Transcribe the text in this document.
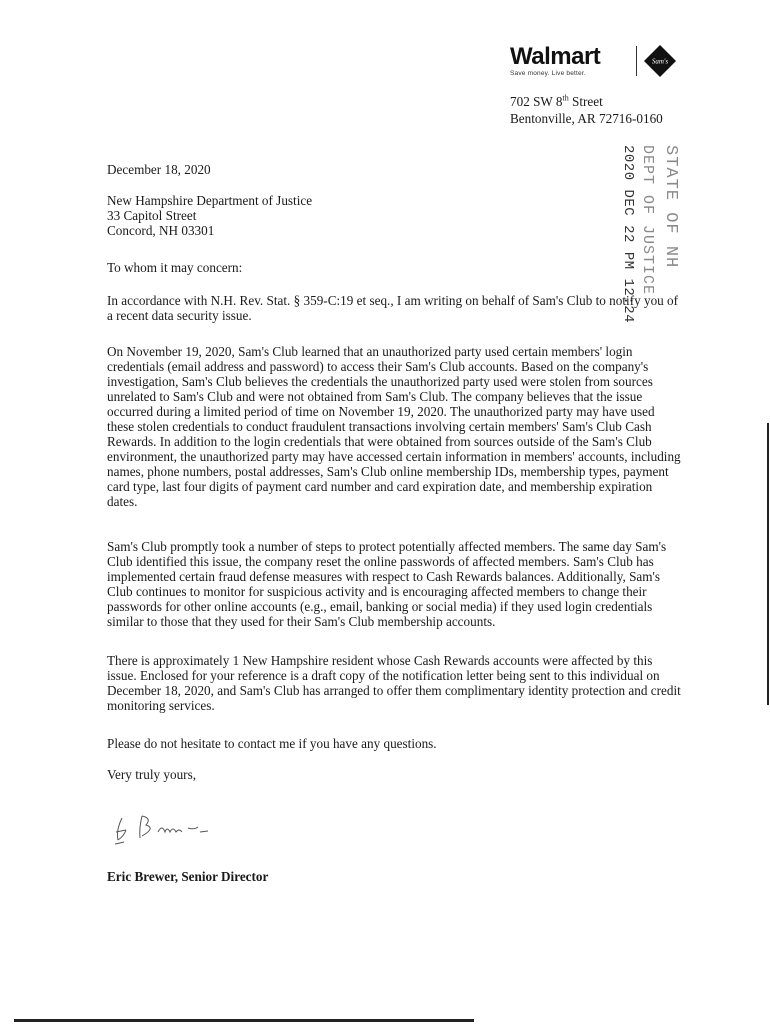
Walmart
Save money. Live better.
Sam's
702 SW 8th Street
Bentonville, AR 72716-0160
STATE OF NH
DEPT OF JUSTICE
2020 DEC 22 PM 12:24
December 18, 2020
New Hampshire Department of Justice
33 Capitol Street
Concord, NH 03301
To whom it may concern:

In accordance with N.H. Rev. Stat. § 359-C:19 et seq., I am writing on behalf of Sam's Club to notify you of a recent data security issue.

On November 19, 2020, Sam's Club learned that an unauthorized party used certain members' login credentials (email address and password) to access their Sam's Club accounts. Based on the company's investigation, Sam's Club believes the credentials the unauthorized party used were stolen from sources unrelated to Sam's Club and were not obtained from Sam's Club. The company believes that the issue occurred during a limited period of time on November 19, 2020. The unauthorized party may have used these stolen credentials to conduct fraudulent transactions involving certain members' Sam's Club Cash Rewards. In addition to the login credentials that were obtained from sources outside of the Sam's Club environment, the unauthorized party may have accessed certain information in members' accounts, including names, phone numbers, postal addresses, Sam's Club online membership IDs, membership types, payment card type, last four digits of payment card number and card expiration date, and membership expiration dates.

Sam's Club promptly took a number of steps to protect potentially affected members. The same day Sam's Club identified this issue, the company reset the online passwords of affected members. Sam's Club has implemented certain fraud defense measures with respect to Cash Rewards balances. Additionally, Sam's Club continues to monitor for suspicious activity and is encouraging affected members to change their passwords for other online accounts (e.g., email, banking or social media) if they used login credentials similar to those that they used for their Sam's Club membership accounts.

There is approximately 1 New Hampshire resident whose Cash Rewards accounts were affected by this issue. Enclosed for your reference is a draft copy of the notification letter being sent to this individual on December 18, 2020, and Sam's Club has arranged to offer them complimentary identity protection and credit monitoring services.

Please do not hesitate to contact me if you have any questions.

Very truly yours,
Eric Brewer, Senior Director
